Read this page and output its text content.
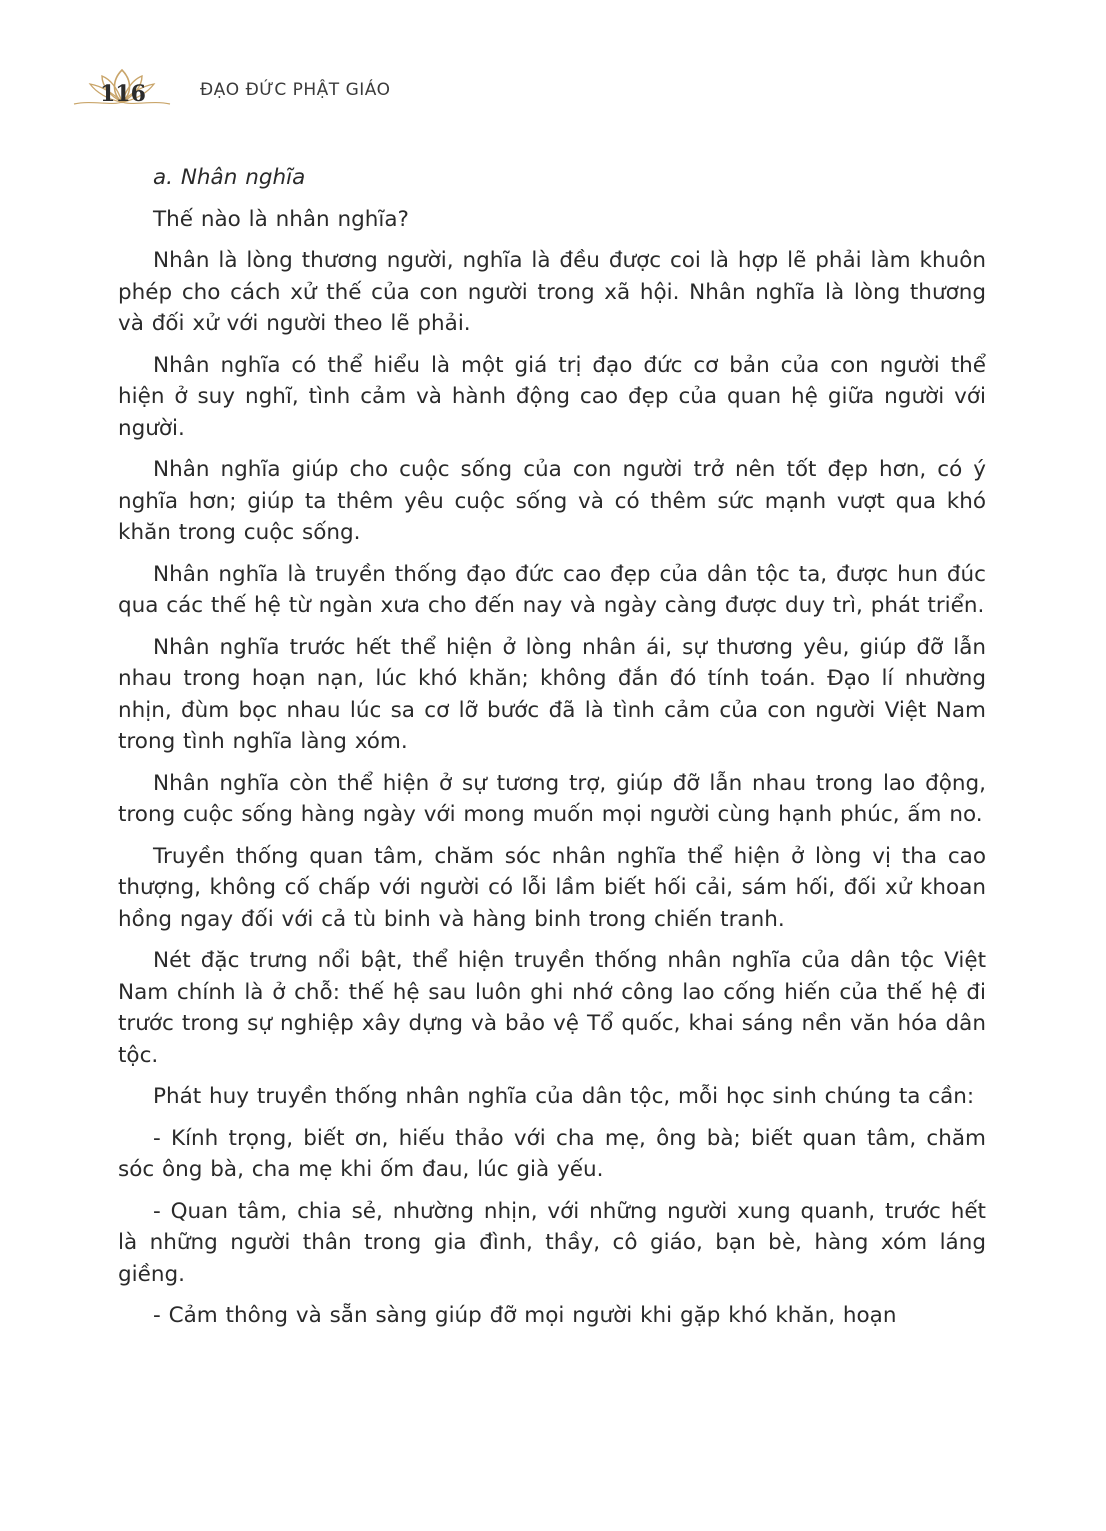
116	ĐẠO ĐỨC PHẬT GIÁO

a. Nhân nghĩa

Thế nào là nhân nghĩa?

Nhân là lòng thương người, nghĩa là đều được coi là hợp lẽ phải làm khuôn phép cho cách xử thế của con người trong xã hội. Nhân nghĩa là lòng thương và đối xử với người theo lẽ phải.

Nhân nghĩa có thể hiểu là một giá trị đạo đức cơ bản của con người thể hiện ở suy nghĩ, tình cảm và hành động cao đẹp của quan hệ giữa người với người.

Nhân nghĩa giúp cho cuộc sống của con người trở nên tốt đẹp hơn, có ý nghĩa hơn; giúp ta thêm yêu cuộc sống và có thêm sức mạnh vượt qua khó khăn trong cuộc sống.

Nhân nghĩa là truyền thống đạo đức cao đẹp của dân tộc ta, được hun đúc qua các thế hệ từ ngàn xưa cho đến nay và ngày càng được duy trì, phát triển.

Nhân nghĩa trước hết thể hiện ở lòng nhân ái, sự thương yêu, giúp đỡ lẫn nhau trong hoạn nạn, lúc khó khăn; không đắn đó tính toán. Đạo lí nhường nhịn, đùm bọc nhau lúc sa cơ lỡ bước đã là tình cảm của con người Việt Nam trong tình nghĩa làng xóm.

Nhân nghĩa còn thể hiện ở sự tương trợ, giúp đỡ lẫn nhau trong lao động, trong cuộc sống hàng ngày với mong muốn mọi người cùng hạnh phúc, ấm no.

Truyền thống quan tâm, chăm sóc nhân nghĩa thể hiện ở lòng vị tha cao thượng, không cố chấp với người có lỗi lầm biết hối cải, sám hối, đối xử khoan hồng ngay đối với cả tù binh và hàng binh trong chiến tranh.

Nét đặc trưng nổi bật, thể hiện truyền thống nhân nghĩa của dân tộc Việt Nam chính là ở chỗ: thế hệ sau luôn ghi nhớ công lao cống hiến của thế hệ đi trước trong sự nghiệp xây dựng và bảo vệ Tổ quốc, khai sáng nền văn hóa dân tộc.

Phát huy truyền thống nhân nghĩa của dân tộc, mỗi học sinh chúng ta cần:

- Kính trọng, biết ơn, hiếu thảo với cha mẹ, ông bà; biết quan tâm, chăm sóc ông bà, cha mẹ khi ốm đau, lúc già yếu.

- Quan tâm, chia sẻ, nhường nhịn, với những người xung quanh, trước hết là những người thân trong gia đình, thầy, cô giáo, bạn bè, hàng xóm láng giềng.

- Cảm thông và sẵn sàng giúp đỡ mọi người khi gặp khó khăn, hoạn
